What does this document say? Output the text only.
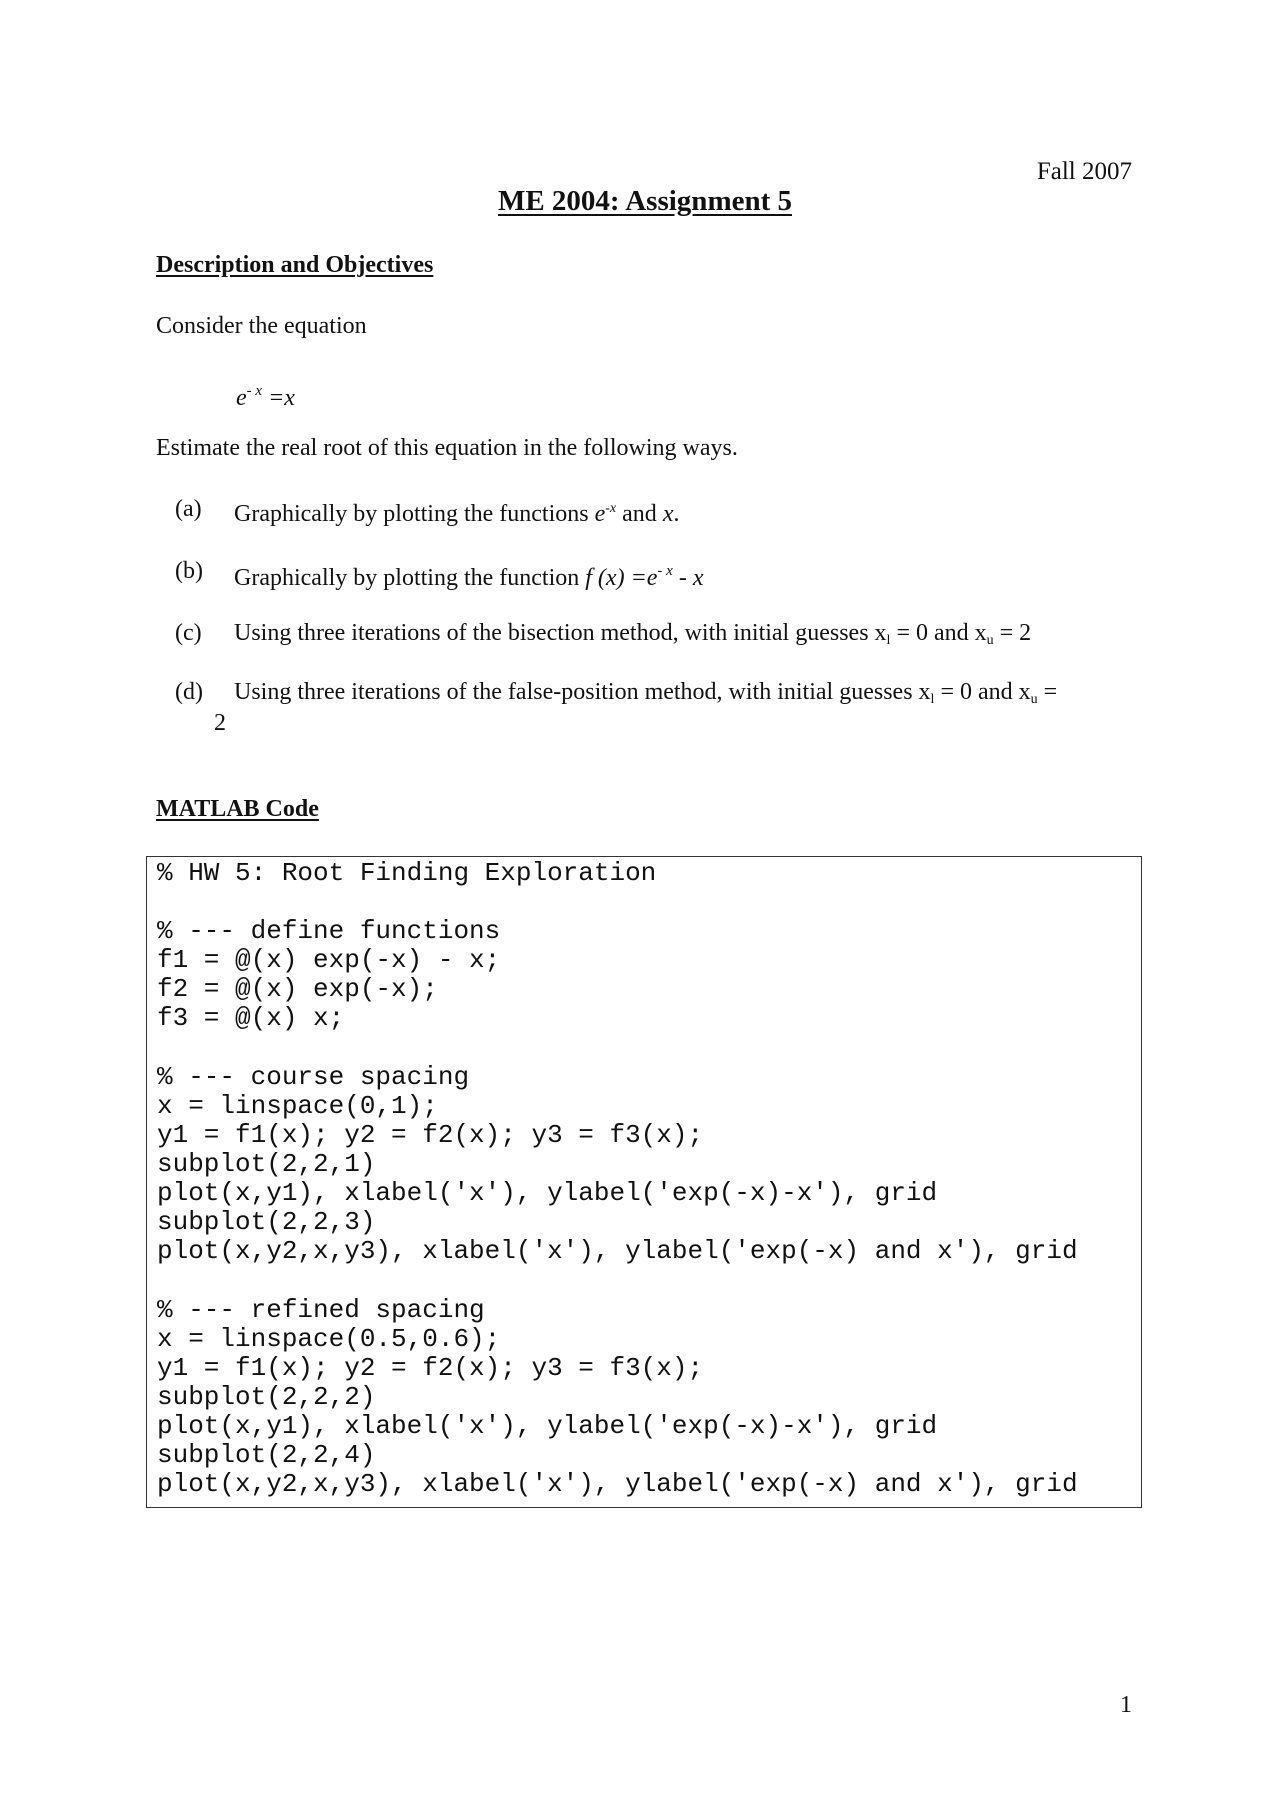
Fall 2007
ME 2004: Assignment 5
Description and Objectives
Consider the equation
$e^{- x} =x$
Estimate the real root of this equation in the following ways.
(a) Graphically by plotting the functions $e^{-x}$ and x.
(b) Graphically by plotting the function f $(x) =e^{- x} - x$
(c) Using three iterations of the bisection method, with initial guesses xl = 0 and xu = 2
(d) Using three iterations of the false-position method, with initial guesses xl = 0 and xu =
2
MATLAB Code
% HW 5: Root Finding Exploration
% --- define functions
f1 = @(x) exp(-x) - x;
f2 = @(x) exp(-x);
f3 = @(x) x;
% --- course spacing
x = linspace(0,1);
y1 = f1(x); y2 = f2(x); y3 = f3(x);
subplot(2,2,1)
plot(x,y1), xlabel('x'), ylabel('exp(-x)-x'), grid
subplot(2,2,3)
plot(x,y2,x,y3), xlabel('x'), ylabel('exp(-x) and x'), grid
% --- refined spacing
x = linspace(0.5,0.6);
y1 = f1(x); y2 = f2(x); y3 = f3(x);
subplot(2,2,2)
plot(x,y1), xlabel('x'), ylabel('exp(-x)-x'), grid
subplot(2,2,4)
plot(x,y2,x,y3), xlabel('x'), ylabel('exp(-x) and x'), grid
1
